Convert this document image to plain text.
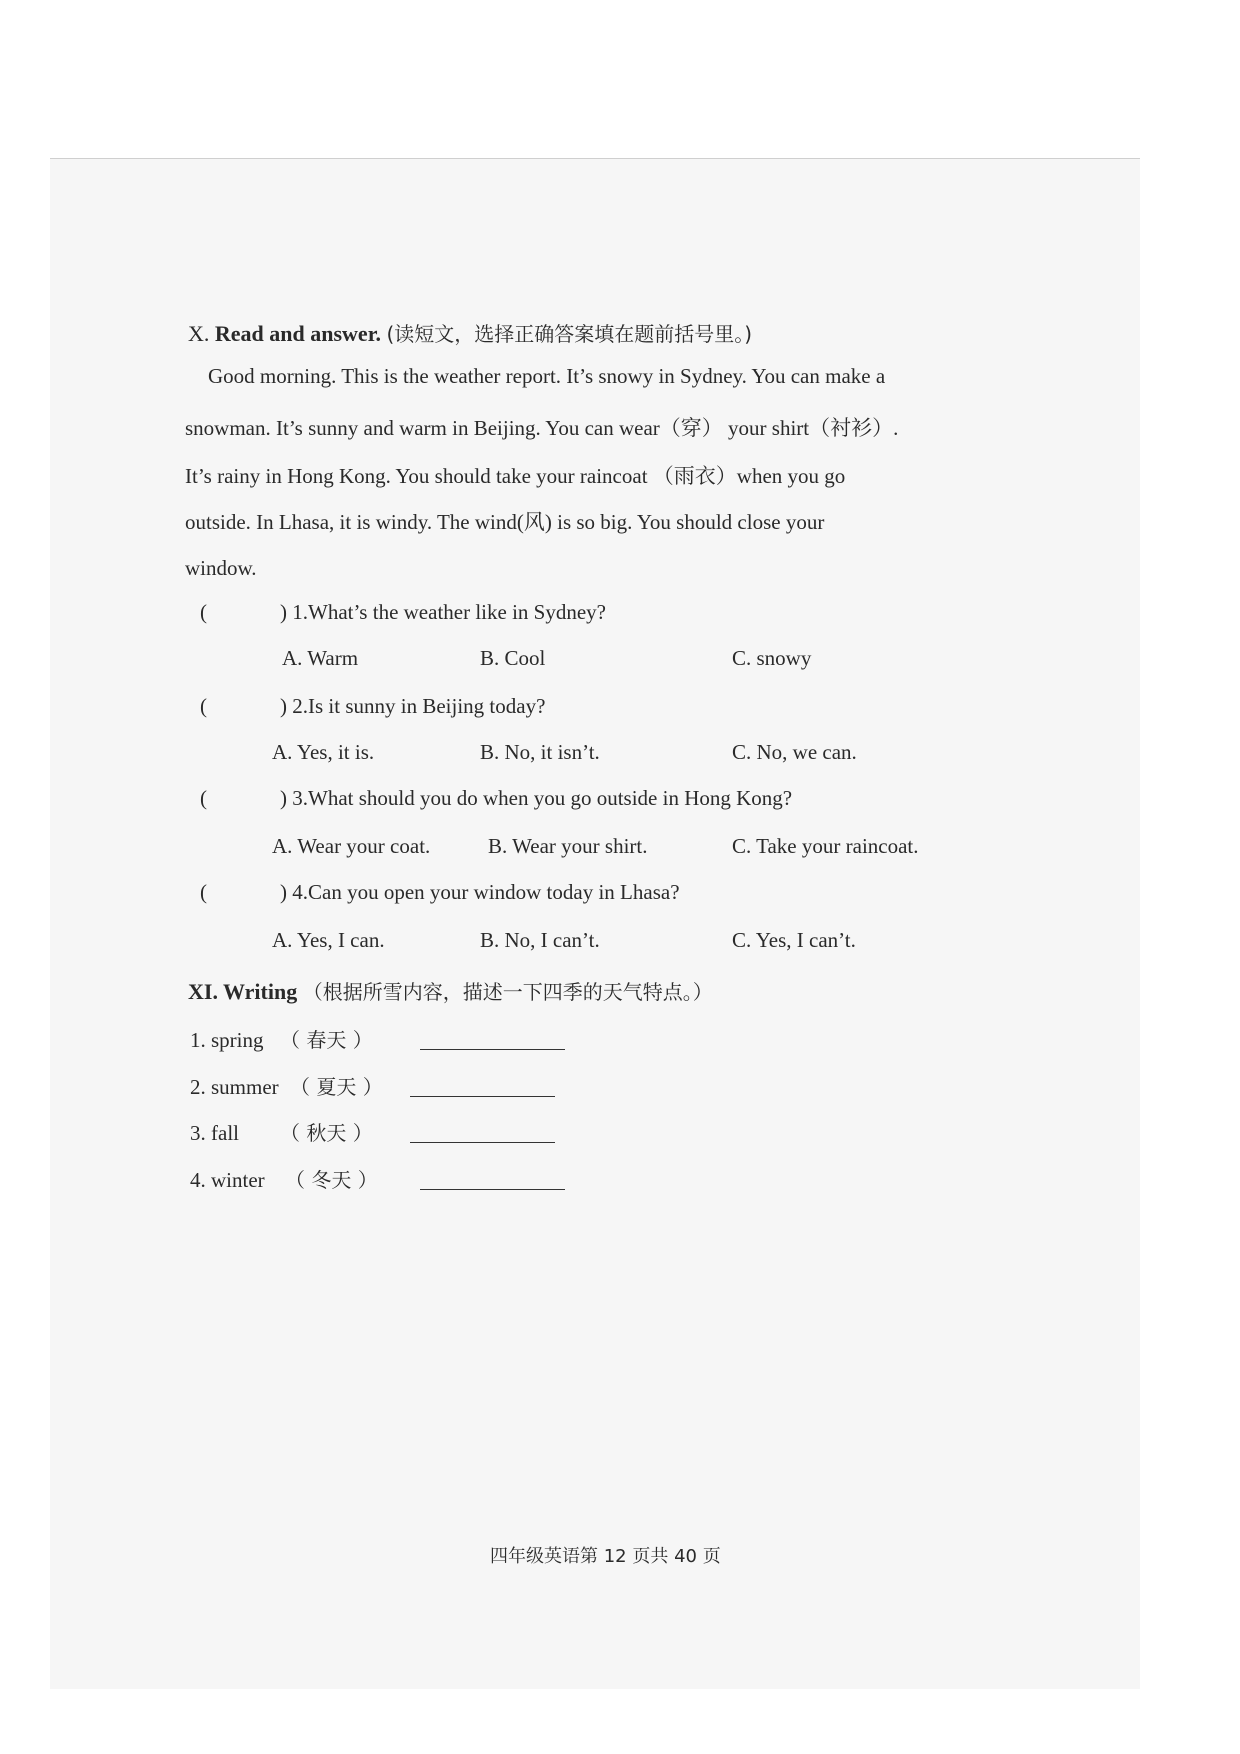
X. Read and answer. (读短文，选择正确答案填在题前括号里。)
Good morning. This is the weather report. It’s snowy in Sydney. You can make a
snowman. It’s sunny and warm in Beijing. You can wear（穿） your shirt（衬衫）.
It’s rainy in Hong Kong. You should take your raincoat （雨衣）when you go
outside. In Lhasa, it is windy. The wind(风) is so big. You should close your
window.
(	) 1.What’s the weather like in Sydney?
A. Warm	B. Cool	C. snowy
(	) 2.Is it sunny in Beijing today?
A. Yes, it is.	B. No, it isn’t.	C. No, we can.
(	) 3.What should you do when you go outside in Hong Kong?
A. Wear your coat.	B. Wear your shirt.	C. Take your raincoat.
(	) 4.Can you open your window today in Lhasa?
A. Yes, I can.	B. No, I can’t.	C. Yes, I can’t.
XI. Writing （根据所雪内容，描述一下四季的天气特点。）
1. spring （ 春天 ）
2. summer （ 夏天 ）
3. fall （ 秋天 ）
4. winter （ 冬天 ）
四年级英语第 12 页共 40 页
